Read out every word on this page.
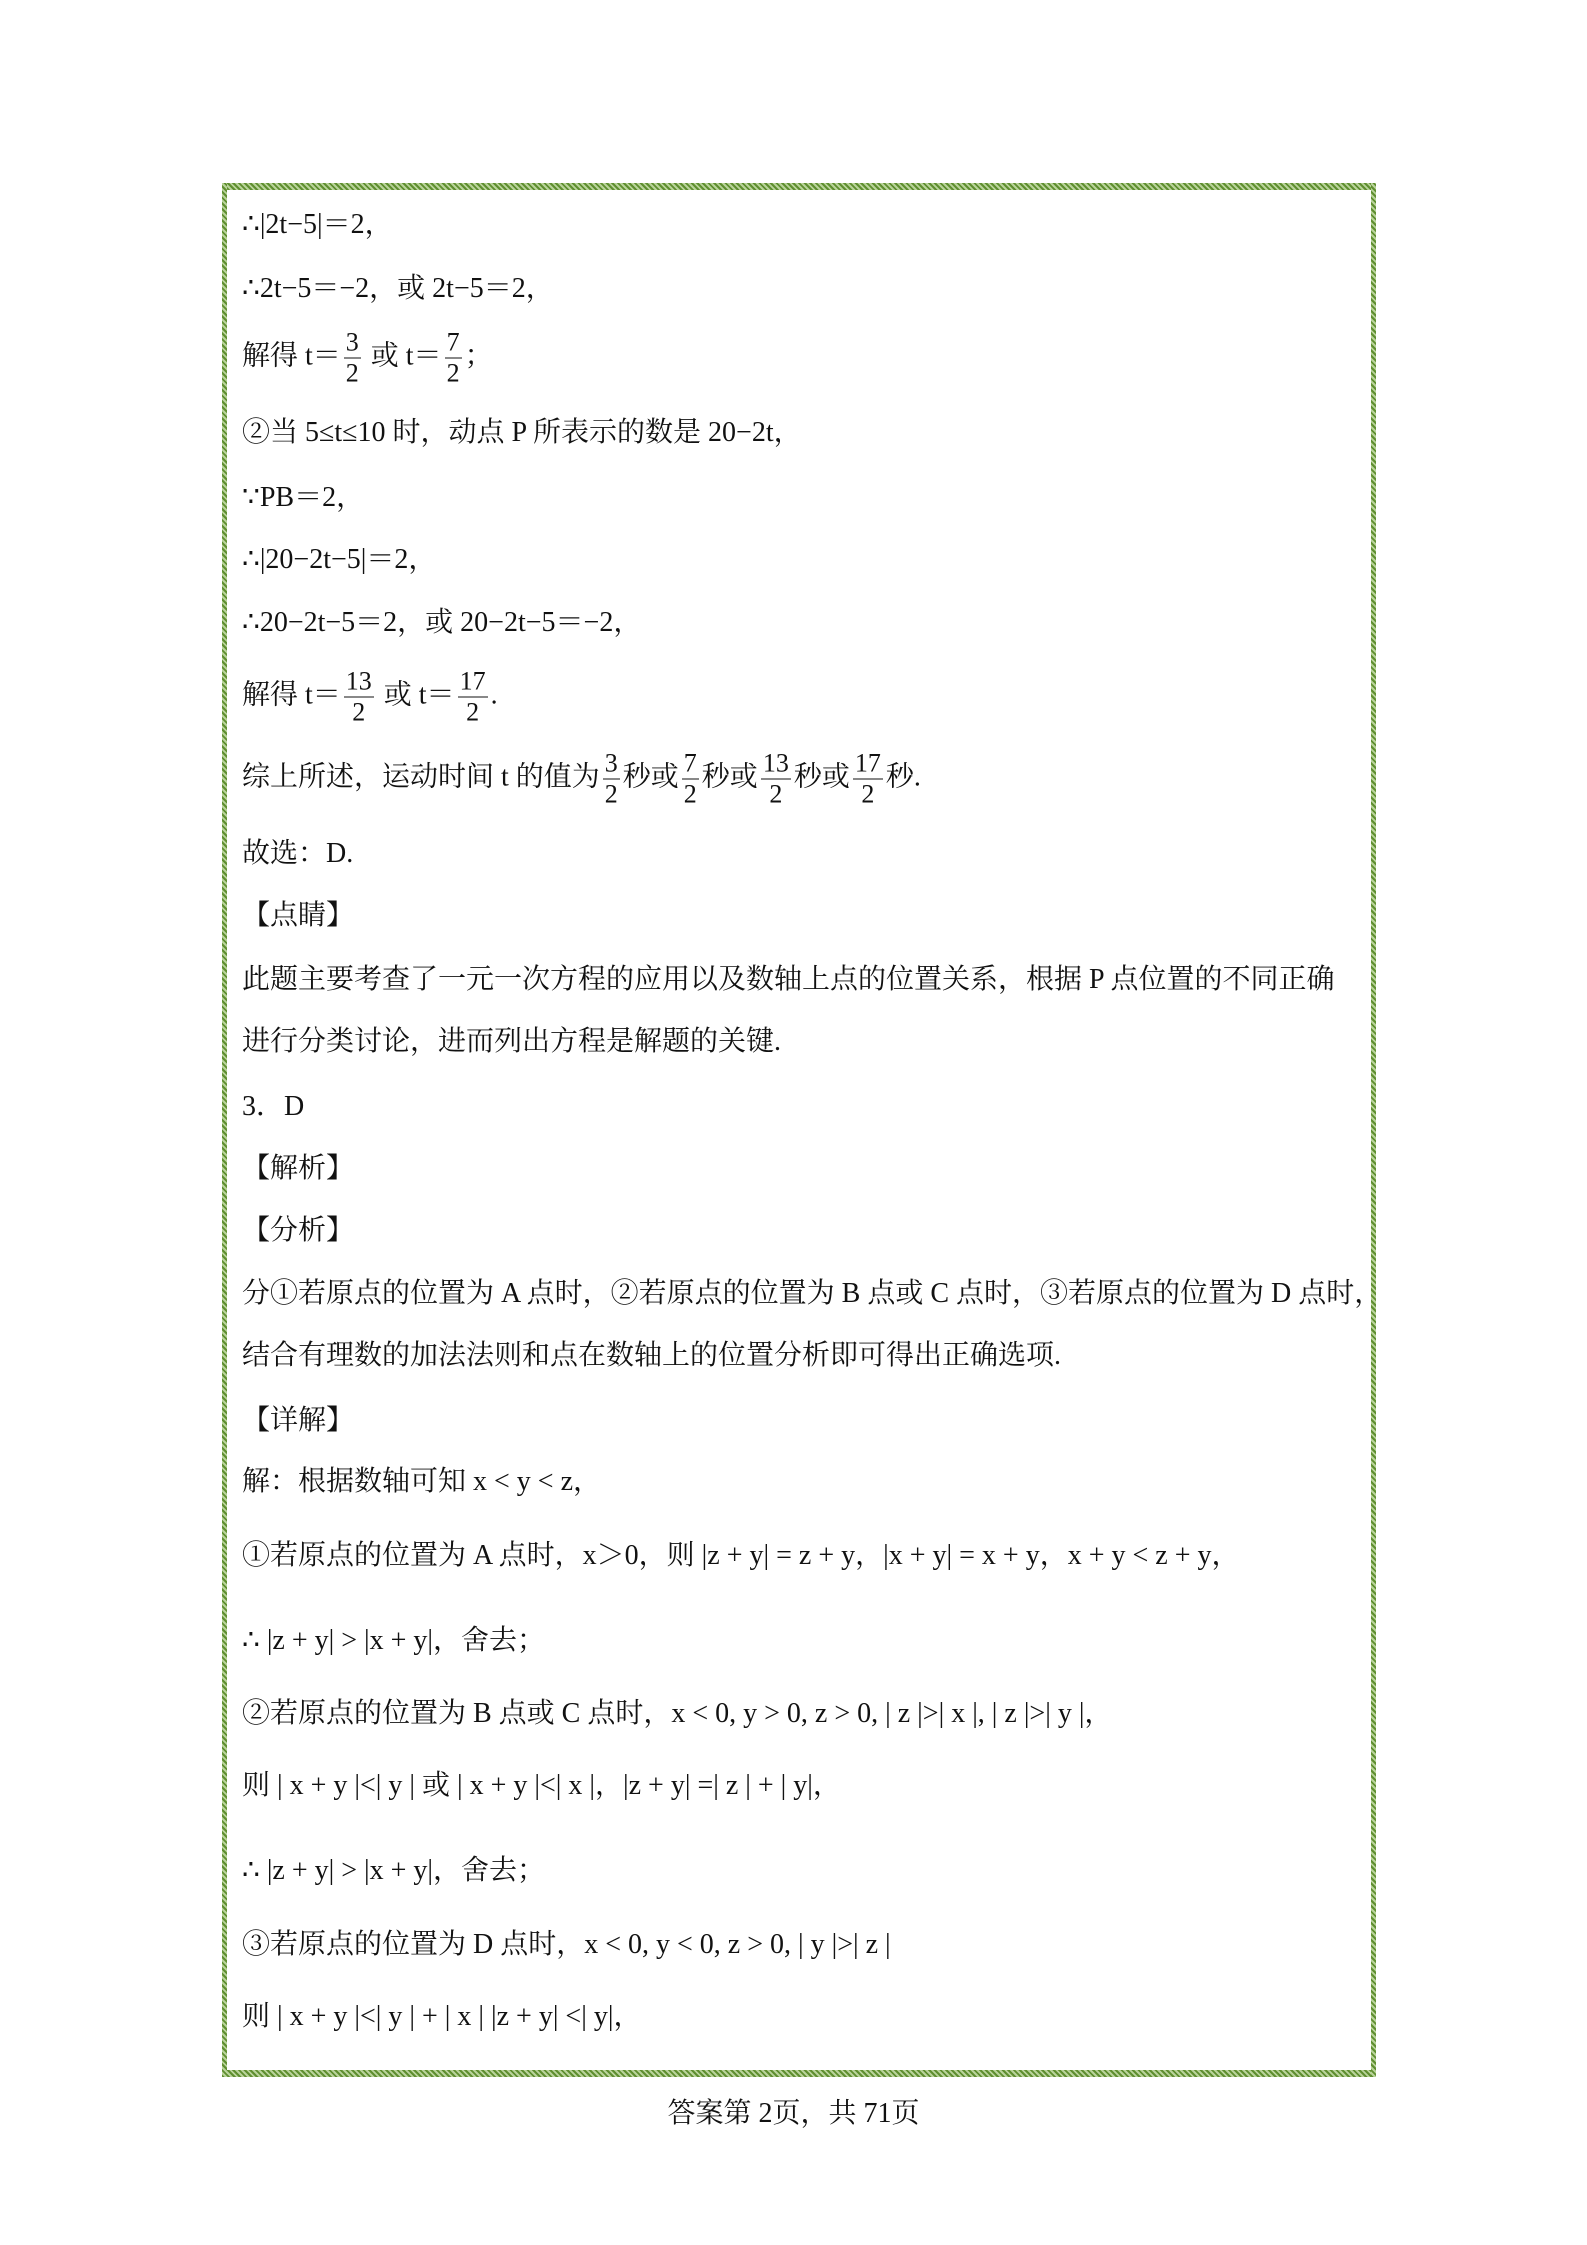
∴|2t−5|＝2，
∴2t−5＝−2，或 2t−5＝2，
解得 $t= \frac{3}{2}$ 或 $t= \frac{7}{2}$ ；
②当 5≤t≤10 时，动点 P 所表示的数是 20−2t，
∵PB＝2，
∴|20−2t−5|＝2，
∴20−2t−5＝2，或 20−2t−5＝−2，
解得 $t= \frac{13}{2}$ 或 $t= \frac{17}{2}$ .
综上所述，运动时间 t 的值为 $\frac{3}{2}$ 秒或 $\frac{7}{2}$ 秒或 $\frac{13}{2}$ 秒或 $\frac{17}{2}$ 秒.
故选：D.
【点睛】
此题主要考查了一元一次方程的应用以及数轴上点的位置关系，根据 P 点位置的不同正确
进行分类讨论，进而列出方程是解题的关键.
3．D
【解析】
【分析】
分①若原点的位置为 A 点时，②若原点的位置为 B 点或 C 点时，③若原点的位置为 D 点时，
结合有理数的加法法则和点在数轴上的位置分析即可得出正确选项.
【详解】
解：根据数轴可知 x < y < z，
①若原点的位置为 A 点时，x＞0，则 |z + y| = z + y，|x + y| = x + y，x + y < z + y，
∴ |z + y| > |x + y|，舍去；
②若原点的位置为 B 点或 C 点时，x < 0, y > 0, z > 0, | z |>| x |, | z |>| y |，
则 | x + y |<| y | 或 | x + y |<| x |，|z + y| =| z | + | y|，
∴ |z + y| > |x + y|，舍去；
③若原点的位置为 D 点时，x < 0, y < 0, z > 0, | y |>| z |
则 | x + y |<| y | + | x | |z + y| <| y|，
答案第 2页，共 71页
